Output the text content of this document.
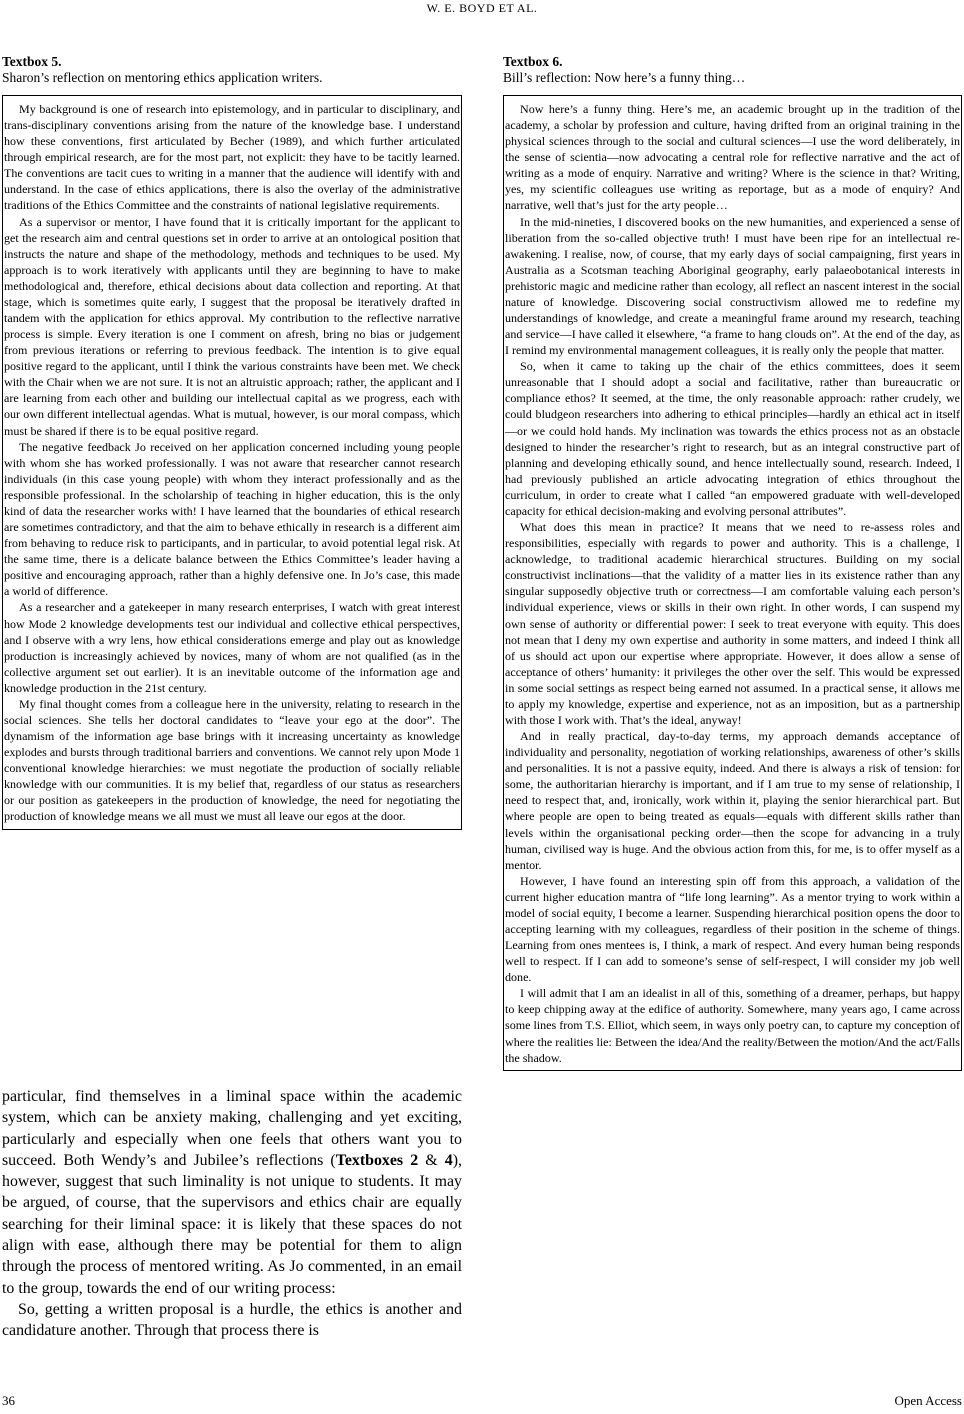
W. E. BOYD ET AL.
Textbox 5.
Sharon’s reflection on mentoring ethics application writers.

My background is one of research into epistemology, and in particular to disciplinary, and trans-disciplinary conventions arising from the nature of the knowledge base. I understand how these conventions, first articulated by Becher (1989), and which further articulated through empirical research, are for the most part, not explicit: they have to be tacitly learned. The conventions are tacit cues to writing in a manner that the audience will identify with and understand. In the case of ethics applications, there is also the overlay of the administrative traditions of the Ethics Committee and the constraints of national legislative requirements.

As a supervisor or mentor, I have found that it is critically important for the applicant to get the research aim and central questions set in order to arrive at an ontological position that instructs the nature and shape of the methodology, methods and techniques to be used. My approach is to work iteratively with applicants until they are beginning to have to make methodological and, therefore, ethical decisions about data collection and reporting. At that stage, which is sometimes quite early, I suggest that the proposal be iteratively drafted in tandem with the application for ethics approval. My contribution to the reflective narrative process is simple. Every iteration is one I comment on afresh, bring no bias or judgement from previous iterations or referring to previous feedback. The intention is to give equal positive regard to the applicant, until I think the various constraints have been met. We check with the Chair when we are not sure. It is not an altruistic approach; rather, the applicant and I are learning from each other and building our intellectual capital as we progress, each with our own different intellectual agendas. What is mutual, however, is our moral compass, which must be shared if there is to be equal positive regard.

The negative feedback Jo received on her application concerned including young people with whom she has worked professionally. I was not aware that researcher cannot research individuals (in this case young people) with whom they interact professionally and as the responsible professional. In the scholarship of teaching in higher education, this is the only kind of data the researcher works with! I have learned that the boundaries of ethical research are sometimes contradictory, and that the aim to behave ethically in research is a different aim from behaving to reduce risk to participants, and in particular, to avoid potential legal risk. At the same time, there is a delicate balance between the Ethics Committee’s leader having a positive and encouraging approach, rather than a highly defensive one. In Jo’s case, this made a world of difference.

As a researcher and a gatekeeper in many research enterprises, I watch with great interest how Mode 2 knowledge developments test our individual and collective ethical perspectives, and I observe with a wry lens, how ethical considerations emerge and play out as knowledge production is increasingly achieved by novices, many of whom are not qualified (as in the collective argument set out earlier). It is an inevitable outcome of the information age and knowledge production in the 21st century.

My final thought comes from a colleague here in the university, relating to research in the social sciences. She tells her doctoral candidates to “leave your ego at the door”. The dynamism of the information age base brings with it increasing uncertainty as knowledge explodes and bursts through traditional barriers and conventions. We cannot rely upon Mode 1 conventional knowledge hierarchies: we must negotiate the production of socially reliable knowledge with our communities. It is my belief that, regardless of our status as researchers or our position as gatekeepers in the production of knowledge, the need for negotiating the production of knowledge means we all must we must all leave our egos at the door.

particular, find themselves in a liminal space within the academic system, which can be anxiety making, challenging and yet exciting, particularly and especially when one feels that others want you to succeed. Both Wendy’s and Jubilee’s reflections (Textboxes 2 & 4), however, suggest that such liminality is not unique to students. It may be argued, of course, that the supervisors and ethics chair are equally searching for their liminal space: it is likely that these spaces do not align with ease, although there may be potential for them to align through the process of mentored writing. As Jo commented, in an email to the group, towards the end of our writing process:

So, getting a written proposal is a hurdle, the ethics is another and candidature another. Through that process there is

Textbox 6.
Bill’s reflection: Now here’s a funny thing…

Now here’s a funny thing. Here’s me, an academic brought up in the tradition of the academy, a scholar by profession and culture, having drifted from an original training in the physical sciences through to the social and cultural sciences—I use the word deliberately, in the sense of scientia—now advocating a central role for reflective narrative and the act of writing as a mode of enquiry. Narrative and writing? Where is the science in that? Writing, yes, my scientific colleagues use writing as reportage, but as a mode of enquiry? And narrative, well that’s just for the arty people…

In the mid-nineties, I discovered books on the new humanities, and experienced a sense of liberation from the so-called objective truth! I must have been ripe for an intellectual re-awakening. I realise, now, of course, that my early days of social campaigning, first years in Australia as a Scotsman teaching Aboriginal geography, early palaeobotanical interests in prehistoric magic and medicine rather than ecology, all reflect an nascent interest in the social nature of knowledge. Discovering social constructivism allowed me to redefine my understandings of knowledge, and create a meaningful frame around my research, teaching and service—I have called it elsewhere, “a frame to hang clouds on”. At the end of the day, as I remind my environmental management colleagues, it is really only the people that matter.

So, when it came to taking up the chair of the ethics committees, does it seem unreasonable that I should adopt a social and facilitative, rather than bureaucratic or compliance ethos? It seemed, at the time, the only reasonable approach: rather crudely, we could bludgeon researchers into adhering to ethical principles—hardly an ethical act in itself—or we could hold hands. My inclination was towards the ethics process not as an obstacle designed to hinder the researcher’s right to research, but as an integral constructive part of planning and developing ethically sound, and hence intellectually sound, research. Indeed, I had previously published an article advocating integration of ethics throughout the curriculum, in order to create what I called “an empowered graduate with well-developed capacity for ethical decision-making and evolving personal attributes”.

What does this mean in practice? It means that we need to re-assess roles and responsibilities, especially with regards to power and authority. This is a challenge, I acknowledge, to traditional academic hierarchical structures. Building on my social constructivist inclinations—that the validity of a matter lies in its existence rather than any singular supposedly objective truth or correctness—I am comfortable valuing each person’s individual experience, views or skills in their own right. In other words, I can suspend my own sense of authority or differential power: I seek to treat everyone with equity. This does not mean that I deny my own expertise and authority in some matters, and indeed I think all of us should act upon our expertise where appropriate. However, it does allow a sense of acceptance of others’ humanity: it privileges the other over the self. This would be expressed in some social settings as respect being earned not assumed. In a practical sense, it allows me to apply my knowledge, expertise and experience, not as an imposition, but as a partnership with those I work with. That’s the ideal, anyway!

And in really practical, day-to-day terms, my approach demands acceptance of individuality and personality, negotiation of working relationships, awareness of other’s skills and personalities. It is not a passive equity, indeed. And there is always a risk of tension: for some, the authoritarian hierarchy is important, and if I am true to my sense of relationship, I need to respect that, and, ironically, work within it, playing the senior hierarchical part. But where people are open to being treated as equals—equals with different skills rather than levels within the organisational pecking order—then the scope for advancing in a truly human, civilised way is huge. And the obvious action from this, for me, is to offer myself as a mentor.

However, I have found an interesting spin off from this approach, a validation of the current higher education mantra of “life long learning”. As a mentor trying to work within a model of social equity, I become a learner. Suspending hierarchical position opens the door to accepting learning with my colleagues, regardless of their position in the scheme of things. Learning from ones mentees is, I think, a mark of respect. And every human being responds well to respect. If I can add to someone’s sense of self-respect, I will consider my job well done.

I will admit that I am an idealist in all of this, something of a dreamer, perhaps, but happy to keep chipping away at the edifice of authority. Somewhere, many years ago, I came across some lines from T.S. Elliot, which seem, in ways only poetry can, to capture my conception of where the realities lie: Between the idea/And the reality/Between the motion/And the act/Falls the shadow.

36	Open Access
